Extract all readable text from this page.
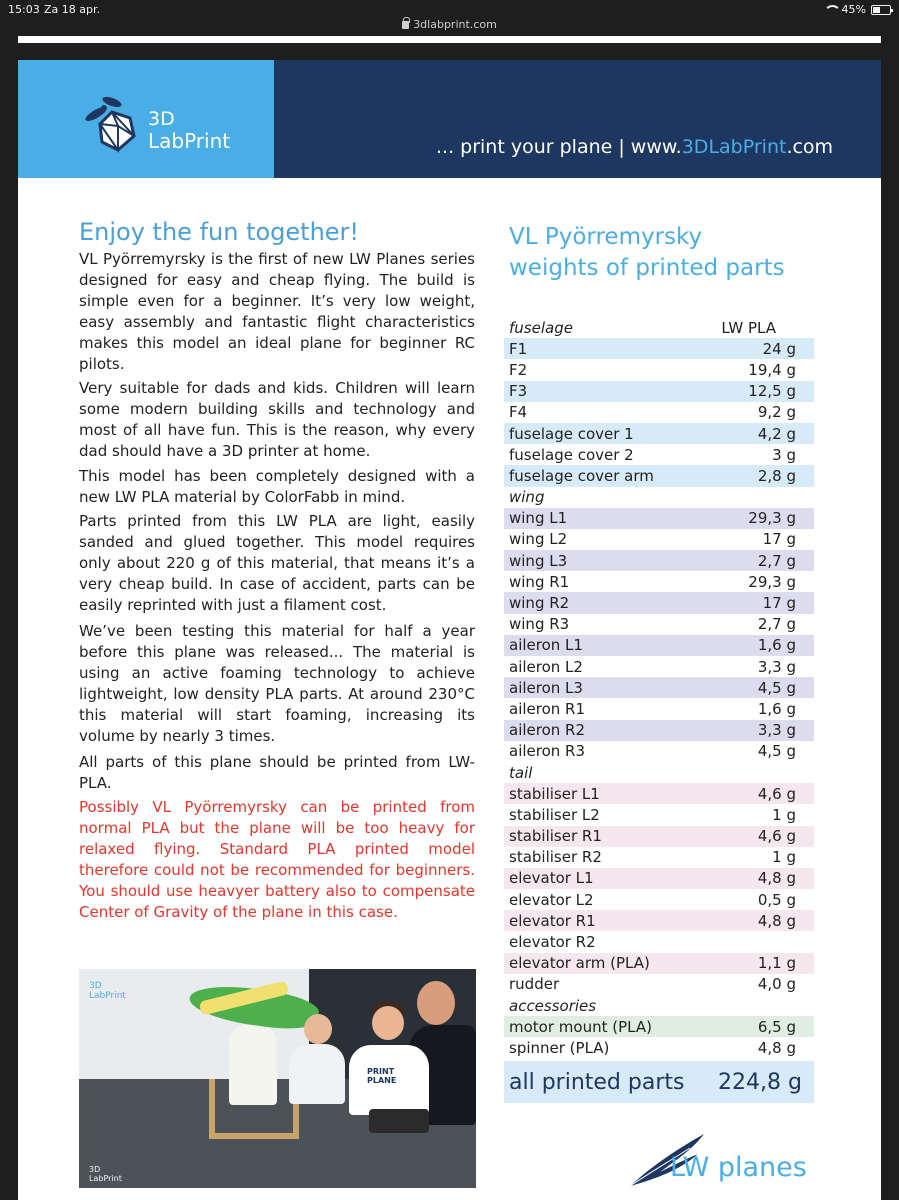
15:03 Za 18 apr.	45%
3dlabprint.com
3D
LabPrint	... print your plane | www.3DLabPrint.com
Enjoy the fun together!

VL Pyörremyrsky is the first of new LW Planes series designed for easy and cheap flying. The build is simple even for a beginner. It’s very low weight, easy assembly and fantastic flight characteristics makes this model an ideal plane for beginner RC pilots.

Very suitable for dads and kids. Children will learn some modern building skills and technology and most of all have fun. This is the reason, why every dad should have a 3D printer at home.

This model has been completely designed with a new LW PLA material by ColorFabb in mind.

Parts printed from this LW PLA are light, easily sanded and glued together. This model requires only about 220 g of this material, that means it’s a very cheap build. In case of accident, parts can be easily reprinted with just a filament cost.

We’ve been testing this material for half a year before this plane was released... The material is using an active foaming technology to achieve lightweight, low density PLA parts. At around 230°C this material will start foaming, increasing its volume by nearly 3 times.

All parts of this plane should be printed from LW-PLA.

Possibly VL Pyörremyrsky can be printed from normal PLA but the plane will be too heavy for relaxed flying. Standard PLA printed model therefore could not be recommended for beginners. You should use heavyer battery also to compensate Center of Gravity of the plane in this case.

PRINT
PLANE
3D
LabPrint
3D
LabPrint
VL Pyörremyrsky
weights of printed parts
fuselage	LW PLA
F1	24 g
F2	19,4 g
F3	12,5 g
F4	9,2 g
fuselage cover 1	4,2 g
fuselage cover 2	3 g
fuselage cover arm	2,8 g
wing
wing L1	29,3 g
wing L2	17 g
wing L3	2,7 g
wing R1	29,3 g
wing R2	17 g
wing R3	2,7 g
aileron L1	1,6 g
aileron L2	3,3 g
aileron L3	4,5 g
aileron R1	1,6 g
aileron R2	3,3 g
aileron R3	4,5 g
tail
stabiliser L1	4,6 g
stabiliser L2	1 g
stabiliser R1	4,6 g
stabiliser R2	1 g
elevator L1	4,8 g
elevator L2	0,5 g
elevator R1	4,8 g
elevator R2
elevator arm (PLA)	1,1 g
rudder	4,0 g
accessories
motor mount (PLA)	6,5 g
spinner (PLA)	4,8 g
all printed parts 224,8 g
LW planes
